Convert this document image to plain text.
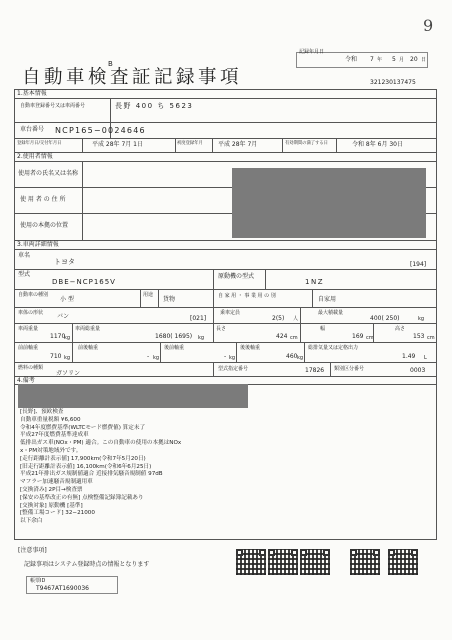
9
B
自動車検査証記録事項
記録年月日
令和 7 年 5 月 20 日
321230137475
1.基本情報
自動車登録番号又は車両番号	長野 400 ち 5623
車台番号 NCP165−0024646
登録年月日/交付年月日	平成 28年 7月 1日	初度登録年月	平成 28年 7月	有効期間の満了する日	令和 8年 6月 30日
2.使用者情報
使用者の氏名又は名称
使 用 者 の 住 所
使用の本拠の位置
3.車両詳細情報
車名
トヨタ	[194]
型式
DBE−NCP165V
原動機の型式
1NZ
自動車の種別
小 型
用途
貨物	自 家 用 ・ 事 業 用 の 別	自家用
車体の形状 バン	[021]
乗車定員
2(5) 人
最大積載量
400( 250)	kg
車両重量
1170
kg
車両総重量
1680( 1695) kg
長さ
424 cm
幅
169 cm
高さ
153 cm
前前軸重
710 kg
前後軸重
- kg
後前軸重
- kg
後後軸重
460 kg
総排気量又は定格出力
1.49 L
燃料の種類
ガソリン
型式指定番号	17826 類別区分番号	0003
4.備考
[長野]、預欧検査
自動車重量税額 ¥6,600
令和4年度燃費基準(WLTCモード燃費値) 算定未了
平成27年度燃費基準達成車
低排出ガス車(NOx・PM) 適合。この自動車の使用の本拠はNOx
x・PM対策地域外です。
[走行距離計表示値] 17,900km(令和7年5月20日)
[旧走行距離計表示値] 16,100km(令和6年6月25日)
平成21年排出ガス規制値適合 近接排気騒音規制値 97dB
マフラー加速騒音規制適用車
[交換済み] 2P目→検査票
[保安の基準改正の有無] 点検整備記録簿記載あり
[交換対象] 原動機 [基準]
[整備工場コード] 32−21000
以下余白
[注意事項]
記録事項はシステム登録時点の情報となります
帳票ID
T9467AT1690036
